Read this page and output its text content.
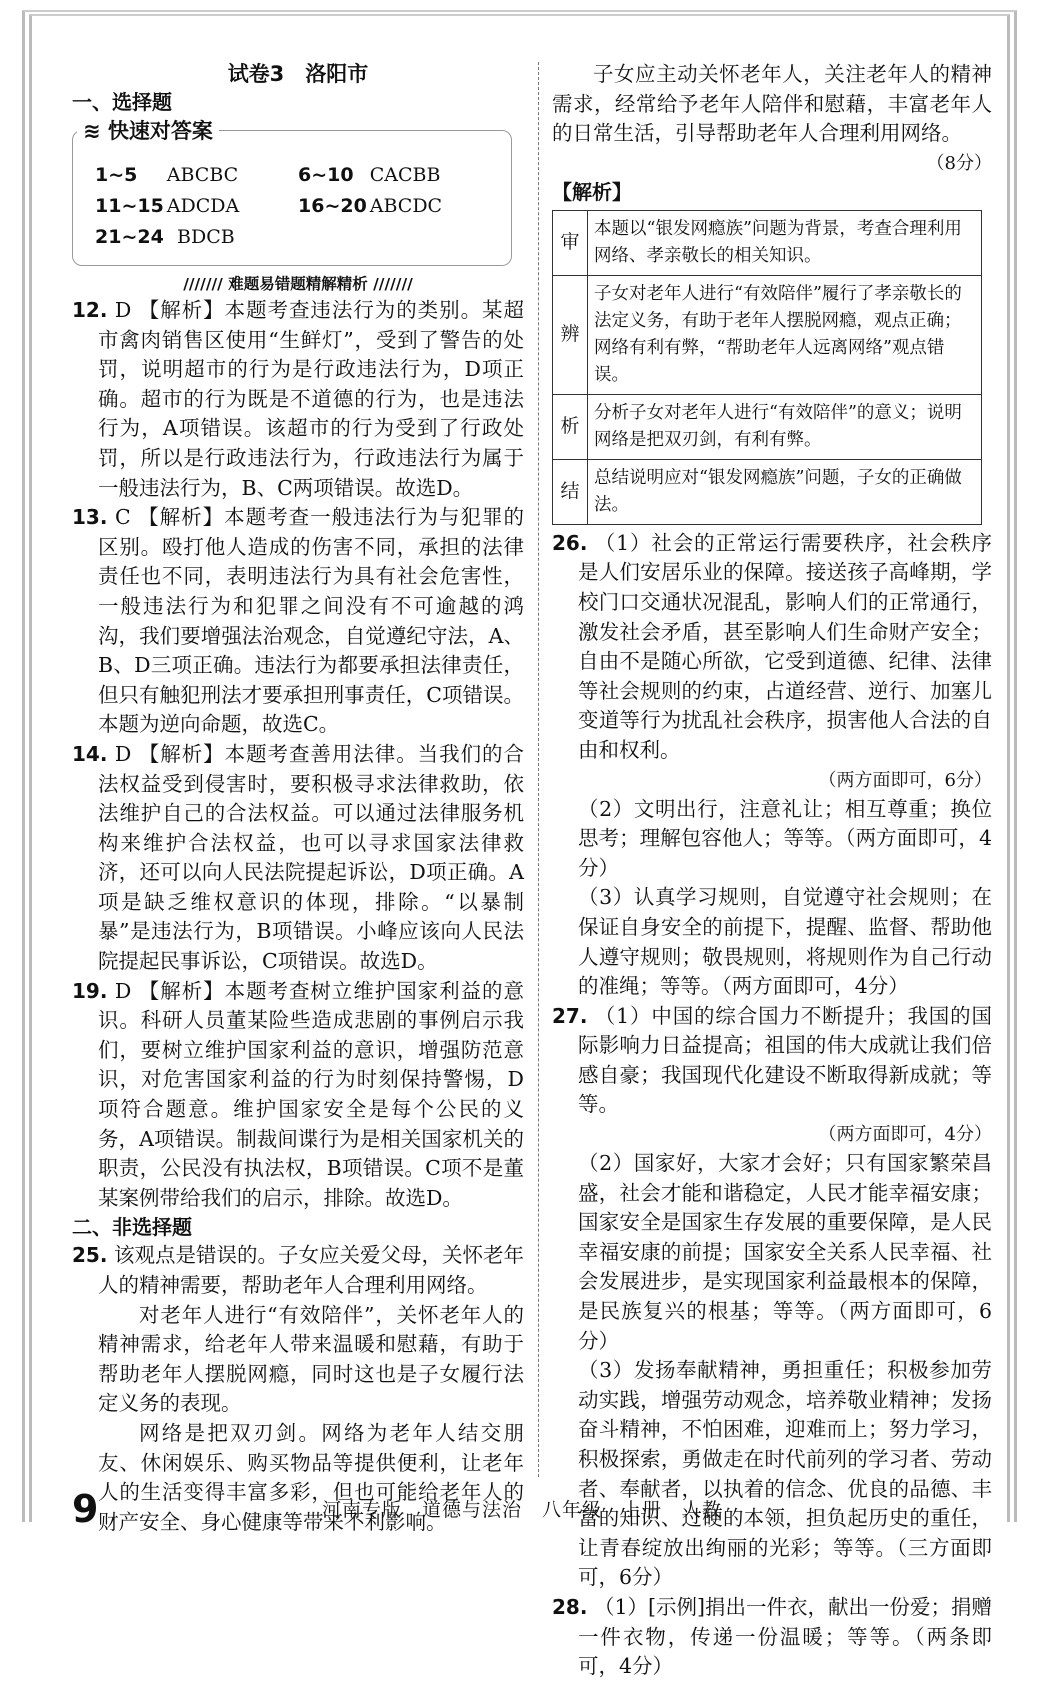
试卷3　洛阳市
一、选择题
≋ 快速对答案
1~5	ABCBC	6~10 CACBB
11~15 ADCDA	16~20 ABCDC
21~24 BDCB
/////// 难题易错题精解精析 ///////

12. D 【解析】本题考查违法行为的类别。某超市禽肉销售区使用“生鲜灯”，受到了警告的处罚，说明超市的行为是行政违法行为，D项正确。超市的行为既是不道德的行为，也是违法行为，A项错误。该超市的行为受到了行政处罚，所以是行政违法行为，行政违法行为属于一般违法行为，B、C两项错误。故选D。

13. C 【解析】本题考查一般违法行为与犯罪的区别。殴打他人造成的伤害不同，承担的法律责任也不同，表明违法行为具有社会危害性，一般违法行为和犯罪之间没有不可逾越的鸿沟，我们要增强法治观念，自觉遵纪守法，A、B、D三项正确。违法行为都要承担法律责任，但只有触犯刑法才要承担刑事责任，C项错误。本题为逆向命题，故选C。

14. D 【解析】本题考查善用法律。当我们的合法权益受到侵害时，要积极寻求法律救助，依法维护自己的合法权益。可以通过法律服务机构来维护合法权益，也可以寻求国家法律救济，还可以向人民法院提起诉讼，D项正确。A项是缺乏维权意识的体现，排除。“以暴制暴”是违法行为，B项错误。小峰应该向人民法院提起民事诉讼，C项错误。故选D。

19. D 【解析】本题考查树立维护国家利益的意识。科研人员董某险些造成悲剧的事例启示我们，要树立维护国家利益的意识，增强防范意识，对危害国家利益的行为时刻保持警惕，D项符合题意。维护国家安全是每个公民的义务，A项错误。制裁间谍行为是相关国家机关的职责，公民没有执法权，B项错误。C项不是董某案例带给我们的启示，排除。故选D。

二、非选择题

25. 该观点是错误的。子女应关爱父母，关怀老年人的精神需要，帮助老年人合理利用网络。

对老年人进行“有效陪伴”，关怀老年人的精神需求，给老年人带来温暖和慰藉，有助于帮助老年人摆脱网瘾，同时这也是子女履行法定义务的表现。

网络是把双刃剑。网络为老年人结交朋友、休闲娱乐、购买物品等提供便利，让老年人的生活变得丰富多彩，但也可能给老年人的财产安全、身心健康等带来不利影响。

子女应主动关怀老年人，关注老年人的精神需求，经常给予老年人陪伴和慰藉，丰富老年人的日常生活，引导帮助老年人合理利用网络。

（8分）
【解析】
审	本题以“银发网瘾族”问题为背景，考查合理利用网络、孝亲敬长的相关知识。
辨	子女对老年人进行“有效陪伴”履行了孝亲敬长的法定义务，有助于老年人摆脱网瘾，观点正确；网络有利有弊，“帮助老年人远离网络”观点错误。
析	分析子女对老年人进行“有效陪伴”的意义；说明网络是把双刃剑，有利有弊。
结	总结说明应对“银发网瘾族”问题，子女的正确做法。

26. （1）社会的正常运行需要秩序，社会秩序是人们安居乐业的保障。接送孩子高峰期，学校门口交通状况混乱，影响人们的正常通行，激发社会矛盾，甚至影响人们生命财产安全；自由不是随心所欲，它受到道德、纪律、法律等社会规则的约束，占道经营、逆行、加塞儿变道等行为扰乱社会秩序，损害他人合法的自由和权利。

（两方面即可，6分）

（2）文明出行，注意礼让；相互尊重；换位思考；理解包容他人；等等。（两方面即可，4分）

（3）认真学习规则，自觉遵守社会规则；在保证自身安全的前提下，提醒、监督、帮助他人遵守规则；敬畏规则，将规则作为自己行动的准绳；等等。（两方面即可，4分）

27. （1）中国的综合国力不断提升；我国的国际影响力日益提高；祖国的伟大成就让我们倍感自豪；我国现代化建设不断取得新成就；等等。

（两方面即可，4分）

（2）国家好，大家才会好；只有国家繁荣昌盛，社会才能和谐稳定，人民才能幸福安康；国家安全是国家生存发展的重要保障，是人民幸福安康的前提；国家安全关系人民幸福、社会发展进步，是实现国家利益最根本的保障，是民族复兴的根基；等等。（两方面即可，6分）

（3）发扬奉献精神，勇担重任；积极参加劳动实践，增强劳动观念，培养敬业精神；发扬奋斗精神，不怕困难，迎难而上；努力学习，积极探索，勇做走在时代前列的学习者、劳动者、奉献者，以执着的信念、优良的品德、丰富的知识、过硬的本领，担负起历史的重任，让青春绽放出绚丽的光彩；等等。（三方面即可，6分）

28. （1）[示例]捐出一件衣，献出一份爱；捐赠一件衣物，传递一份温暖；等等。（两条即可，4分）

9	河南专版　道德与法治　八年级　上册　人教
